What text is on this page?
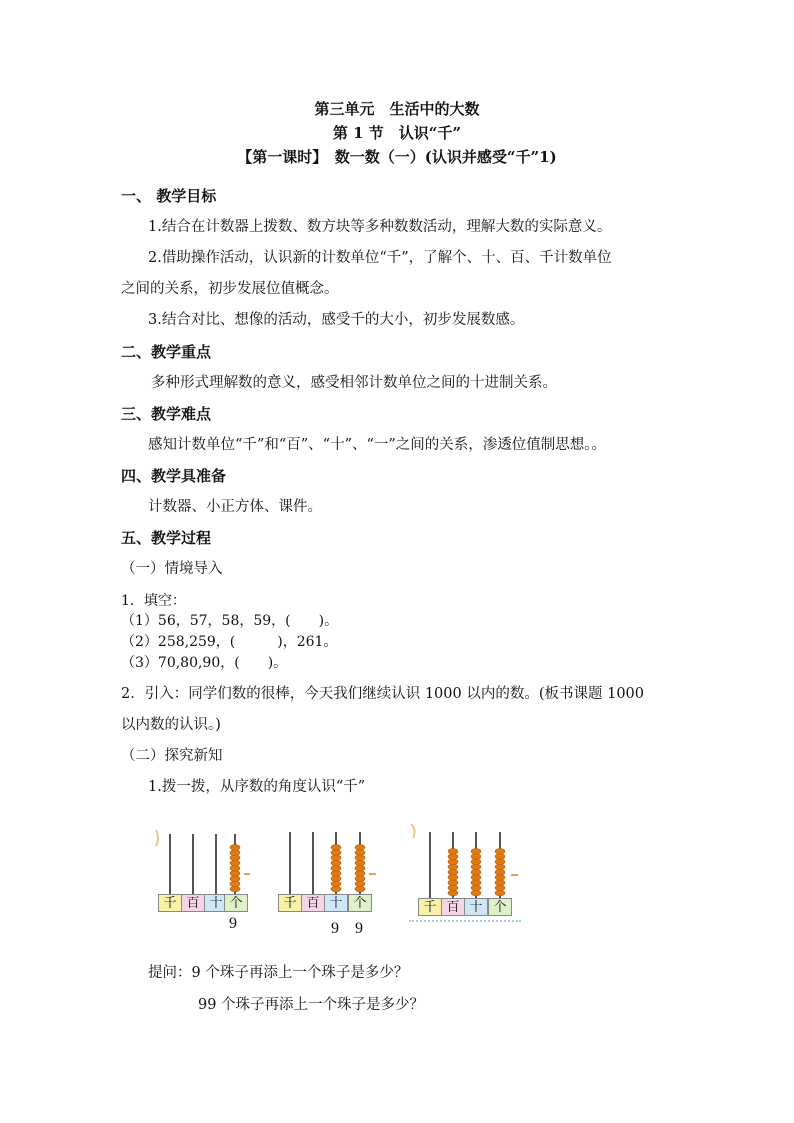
第三单元　生活中的大数
第 1 节　认识“千”
【第一课时】　数一数（一）(认识并感受“千”1)
一、 教学目标
1.结合在计数器上拨数、数方块等多种数数活动，理解大数的实际意义。
2.借助操作活动，认识新的计数单位“千”，了解个、十、百、千计数单位
之间的关系，初步发展位值概念。
3.结合对比、想像的活动，感受千的大小，初步发展数感。
二、教学重点
多种形式理解数的意义，感受相邻计数单位之间的十进制关系。
三、教学难点
感知计数单位“千”和“百”、“十”、“一”之间的关系，渗透位值制思想。。
四、教学具准备
计数器、小正方体、课件。
五、教学过程
（一）情境导入
1．填空：
（1）56，57，58，59，(　　)。
（2）258,259，(　　　)，261。
（3）70,80,90，(　　)。
2．引入：同学们数的很棒，今天我们继续认识 1000 以内的数。(板书课题 1000
以内数的认识。)
（二）探究新知
1.拨一拨，从序数的角度认识“千”
千 百 十 个
9
千 百 十 个
9　9
千 百 十 个
提问：9 个珠子再添上一个珠子是多少？
99 个珠子再添上一个珠子是多少？
